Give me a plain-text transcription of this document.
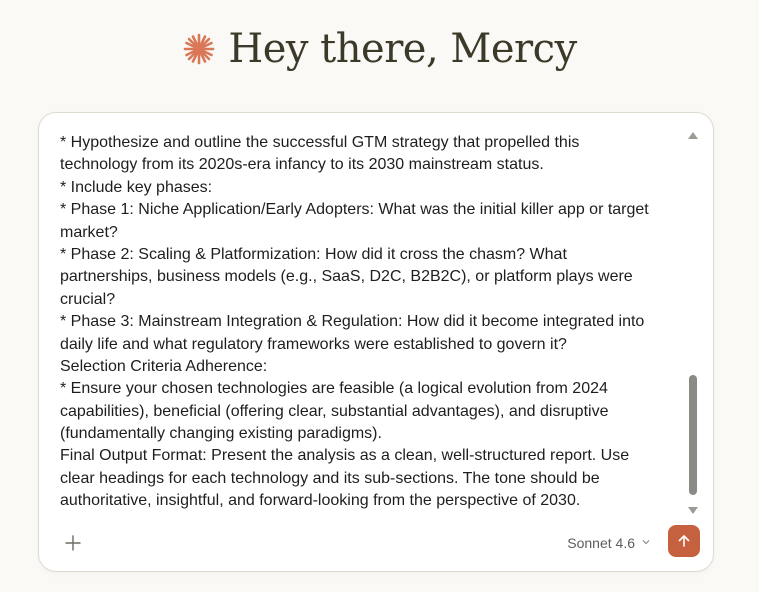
Hey there, Mercy
* Hypothesize and outline the successful GTM strategy that propelled this
technology from its 2020s-era infancy to its 2030 mainstream status.
* Include key phases:
* Phase 1: Niche Application/Early Adopters: What was the initial killer app or target
market?
* Phase 2: Scaling & Platformization: How did it cross the chasm? What
partnerships, business models (e.g., SaaS, D2C, B2B2C), or platform plays were
crucial?
* Phase 3: Mainstream Integration & Regulation: How did it become integrated into
daily life and what regulatory frameworks were established to govern it?
Selection Criteria Adherence:
* Ensure your chosen technologies are feasible (a logical evolution from 2024
capabilities), beneficial (offering clear, substantial advantages), and disruptive
(fundamentally changing existing paradigms).
Final Output Format: Present the analysis as a clean, well-structured report. Use
clear headings for each technology and its sub-sections. The tone should be
authoritative, insightful, and forward-looking from the perspective of 2030.
Sonnet 4.6
